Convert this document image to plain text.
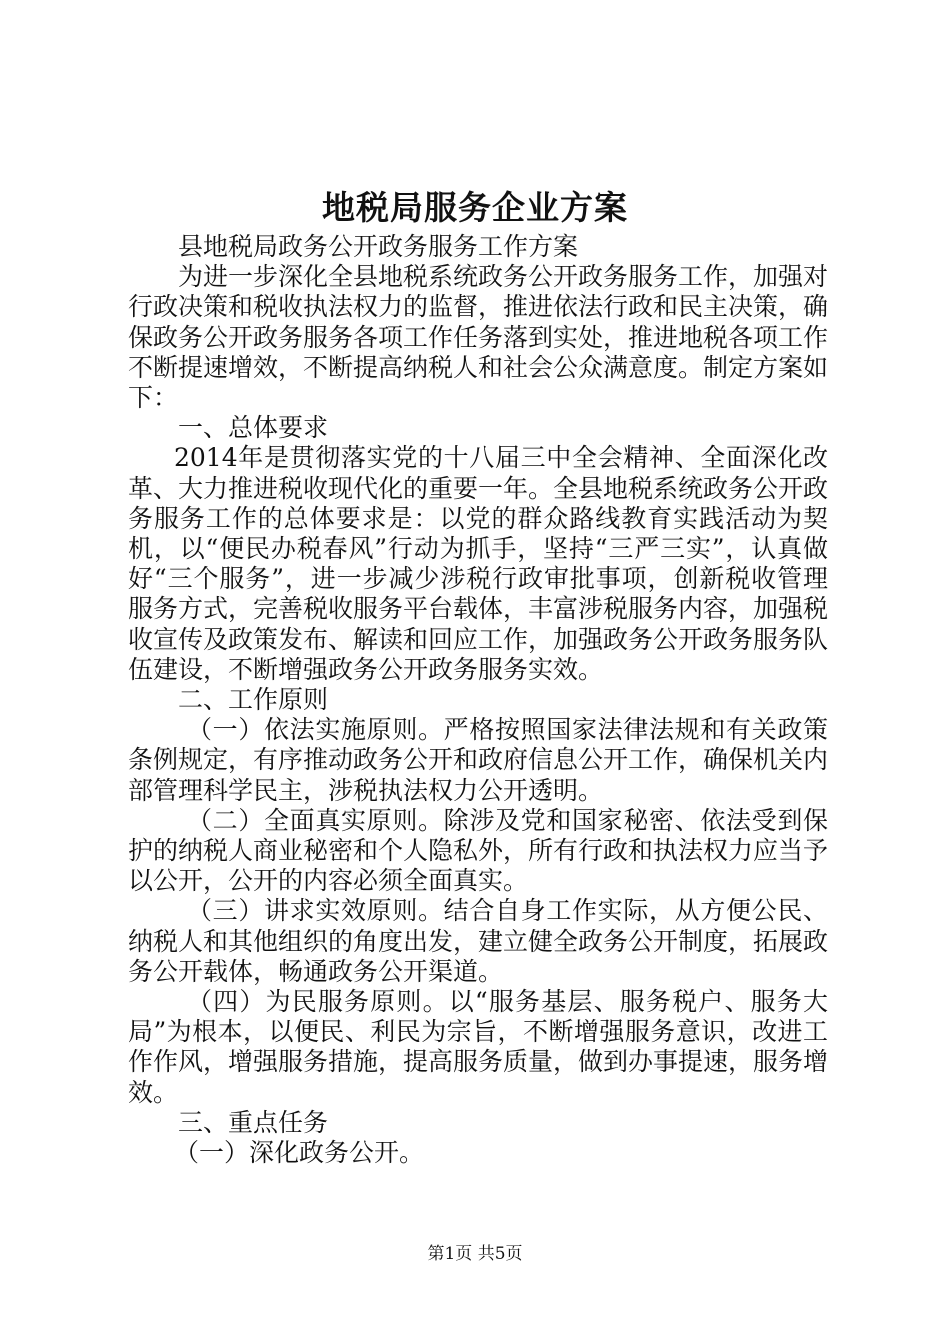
地税局服务企业方案

县地税局政务公开政务服务工作方案

为进一步深化全县地税系统政务公开政务服务工作，加强对行政决策和税收执法权力的监督，推进依法行政和民主决策，确保政务公开政务服务各项工作任务落到实处，推进地税各项工作不断提速增效，不断提高纳税人和社会公众满意度。制定方案如下：

一、总体要求

2014年是贯彻落实党的十八届三中全会精神、全面深化改革、大力推进税收现代化的重要一年。全县地税系统政务公开政务服务工作的总体要求是：以党的群众路线教育实践活动为契机，以“便民办税春风”行动为抓手，坚持“三严三实”，认真做好“三个服务”，进一步减少涉税行政审批事项，创新税收管理服务方式，完善税收服务平台载体，丰富涉税服务内容，加强税收宣传及政策发布、解读和回应工作，加强政务公开政务服务队伍建设，不断增强政务公开政务服务实效。

二、工作原则

（一）依法实施原则。严格按照国家法律法规和有关政策条例规定，有序推动政务公开和政府信息公开工作，确保机关内部管理科学民主，涉税执法权力公开透明。

（二）全面真实原则。除涉及党和国家秘密、依法受到保护的纳税人商业秘密和个人隐私外，所有行政和执法权力应当予以公开，公开的内容必须全面真实。

（三）讲求实效原则。结合自身工作实际，从方便公民、纳税人和其他组织的角度出发，建立健全政务公开制度，拓展政务公开载体，畅通政务公开渠道。

（四）为民服务原则。以“服务基层、服务税户、服务大局”为根本，以便民、利民为宗旨，不断增强服务意识，改进工作作风，增强服务措施，提高服务质量，做到办事提速，服务增效。

三、重点任务

（一）深化政务公开。

第1页 共5页
